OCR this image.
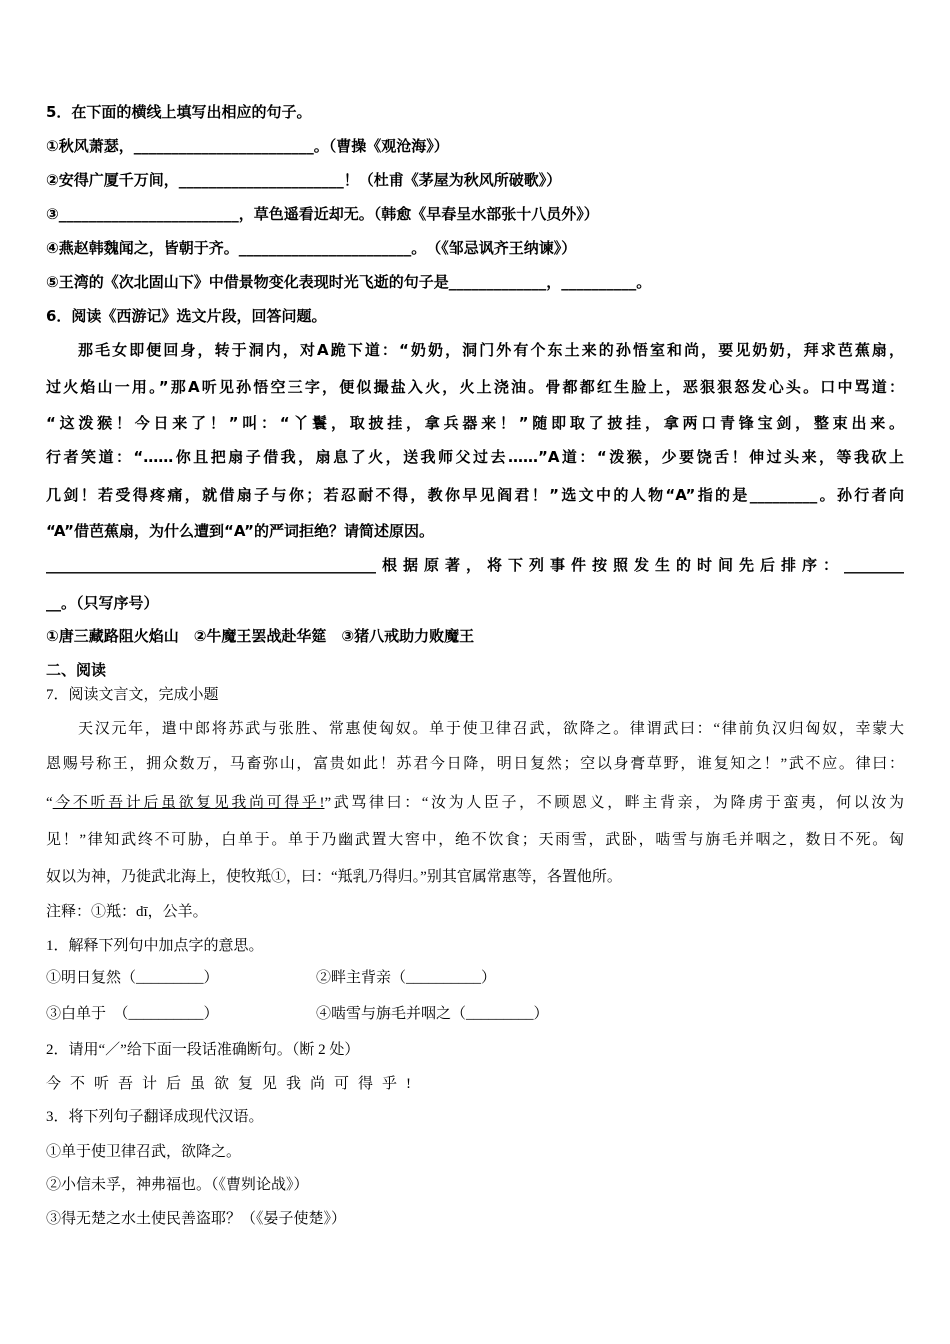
5．在下面的横线上填写出相应的句子。
①秋风萧瑟，________________________。（曹操《观沧海》）
②安得广厦千万间，______________________！（杜甫《茅屋为秋风所破歌》）
③________________________，草色遥看近却无。（韩愈《早春呈水部张十八员外》）
④燕赵韩魏闻之，皆朝于齐。_______________________。　（《邹忌讽齐王纳谏》）
⑤王湾的《次北固山下》中借景物变化表现时光飞逝的句子是_____________，__________。
6．阅读《西游记》选文片段，回答问题。
那毛女即便回身，转于洞内，对A跪下道：“奶奶，洞门外有个东土来的孙悟室和尚，要见奶奶，拜求芭蕉扇，
过火焰山一用。”那A听见孙悟空三字，便似撮盐入火，火上浇油。骨都都红生脸上，恶狠狠怒发心头。口中骂道：
“这泼猴！今日来了！”叫：“丫鬟，取披挂，拿兵器来！”随即取了披挂，拿两口青锋宝剑，整束出来。
行者笑道：“……你且把扇子借我，扇息了火，送我师父过去……”A道：“泼猴，少要饶舌！伸过头来，等我砍上
几剑！若受得疼痛，就借扇子与你；若忍耐不得，教你早见阎君！”选文中的人物“A”指的是_________。孙行者向
“A”借芭蕉扇，为什么遭到“A”的严词拒绝？请简述原因。
____________________________________________根据原著，将下列事件按照发生的时间先后排序：________
__。（只写序号）
①唐三藏路阻火焰山　②牛魔王罢战赴华筵　③猪八戒助力败魔王
二、阅读
7．阅读文言文，完成小题
天汉元年，遣中郎将苏武与张胜、常惠使匈奴。单于使卫律召武，欲降之。律谓武曰：“律前负汉归匈奴，幸蒙大
恩赐号称王，拥众数万，马畜弥山，富贵如此！苏君今日降，明日复然；空以身膏草野，谁复知之！”武不应。律曰：
“今不听吾计后虽欲复见我尚可得乎!”武骂律曰：“汝为人臣子，不顾恩义，畔主背亲，为降虏于蛮夷，何以汝为
见！”律知武终不可胁，白单于。单于乃幽武置大窖中，绝不饮食；天雨雪，武卧，啮雪与旃毛并咽之，数日不死。匈
奴以为神，乃徙武北海上，使牧羝①，曰：“羝乳乃得归。”别其官属常惠等，各置他所。
注释：①羝：dī，公羊。
1．解释下列句中加点字的意思。
①明日复然（_________）	②畔主背亲（__________）
③白单于　（__________）	④啮雪与旃毛并咽之（_________）
2．请用“／”给下面一段话准确断句。（断 2 处）
今不听吾计后虽欲复见我尚可得乎!
3．将下列句子翻译成现代汉语。
①单于使卫律召武，欲降之。
②小信未孚，神弗福也。（《曹刿论战》）
③得无楚之水土使民善盗耶？（《晏子使楚》）
